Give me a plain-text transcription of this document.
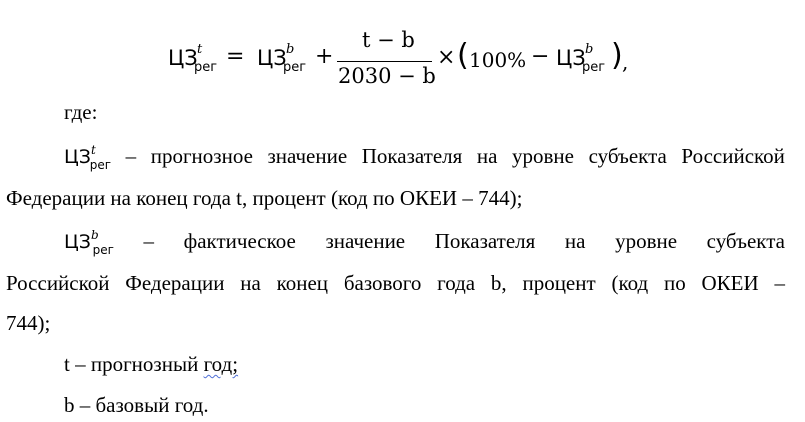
ЦЗ t
рег = ЦЗ b
рег +
t − b
2030 − b
× ( 100% − ЦЗ b
рег ) ,
где:
$ЦЗ^t_{рег}$ – прогнозное значение Показателя на уровне субъекта Российской
Федерации на конец года t, процент (код по ОКЕИ – 744);
$ЦЗ^b_{рег}$ – фактическое значение Показателя на уровне субъекта
Российской Федерации на конец базового года b, процент (код по ОКЕИ –
744);
t – прогнозный год;
b – базовый год.
